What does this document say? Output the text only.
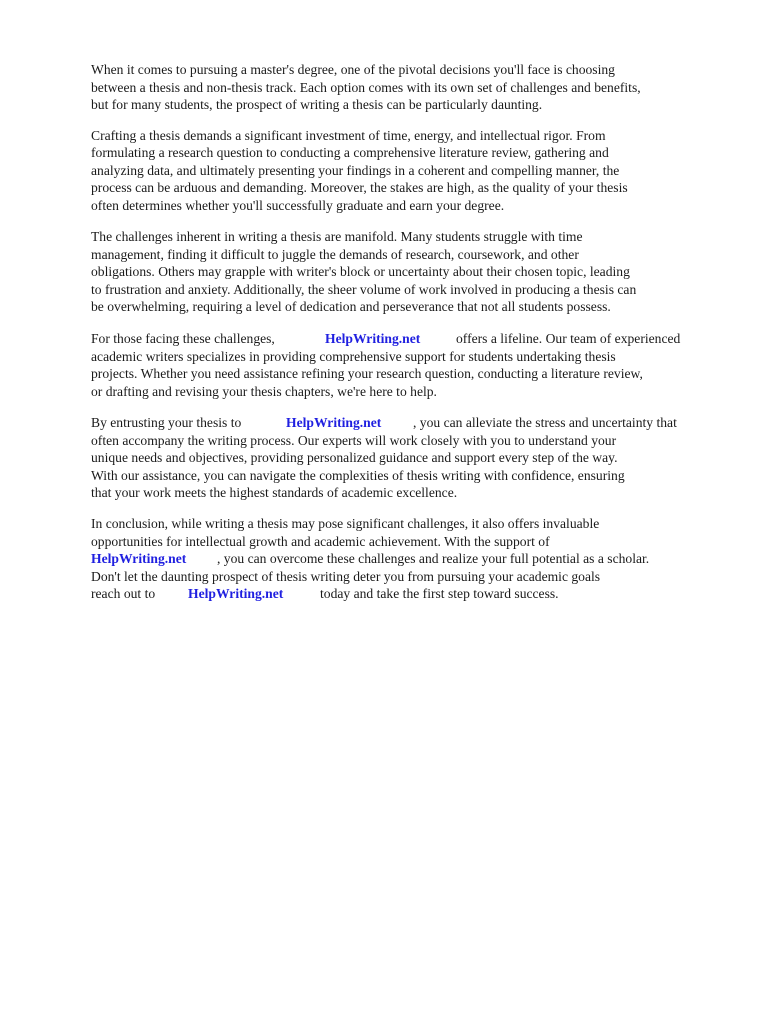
When it comes to pursuing a master's degree, one of the pivotal decisions you'll face is choosing

between a thesis and non-thesis track. Each option comes with its own set of challenges and benefits,

but for many students, the prospect of writing a thesis can be particularly daunting.

Crafting a thesis demands a significant investment of time, energy, and intellectual rigor. From

formulating a research question to conducting a comprehensive literature review, gathering and

analyzing data, and ultimately presenting your findings in a coherent and compelling manner, the

process can be arduous and demanding. Moreover, the stakes are high, as the quality of your thesis

often determines whether you'll successfully graduate and earn your degree.

The challenges inherent in writing a thesis are manifold. Many students struggle with time

management, finding it difficult to juggle the demands of research, coursework, and other

obligations. Others may grapple with writer's block or uncertainty about their chosen topic, leading

to frustration and anxiety. Additionally, the sheer volume of work involved in producing a thesis can

be overwhelming, requiring a level of dedication and perseverance that not all students possess.

For those facing these challenges,	HelpWriting.net	offers a lifeline. Our team of experienced

academic writers specializes in providing comprehensive support for students undertaking thesis

projects. Whether you need assistance refining your research question, conducting a literature review,

or drafting and revising your thesis chapters, we're here to help.

By entrusting your thesis to	HelpWriting.net , you can alleviate the stress and uncertainty that

often accompany the writing process. Our experts will work closely with you to understand your

unique needs and objectives, providing personalized guidance and support every step of the way.

With our assistance, you can navigate the complexities of thesis writing with confidence, ensuring

that your work meets the highest standards of academic excellence.

In conclusion, while writing a thesis may pose significant challenges, it also offers invaluable

opportunities for intellectual growth and academic achievement. With the support of

HelpWriting.net , you can overcome these challenges and realize your full potential as a scholar.

Don't let the daunting prospect of thesis writing deter you from pursuing your academic goals

reach out to HelpWriting.net	today and take the first step toward success.
